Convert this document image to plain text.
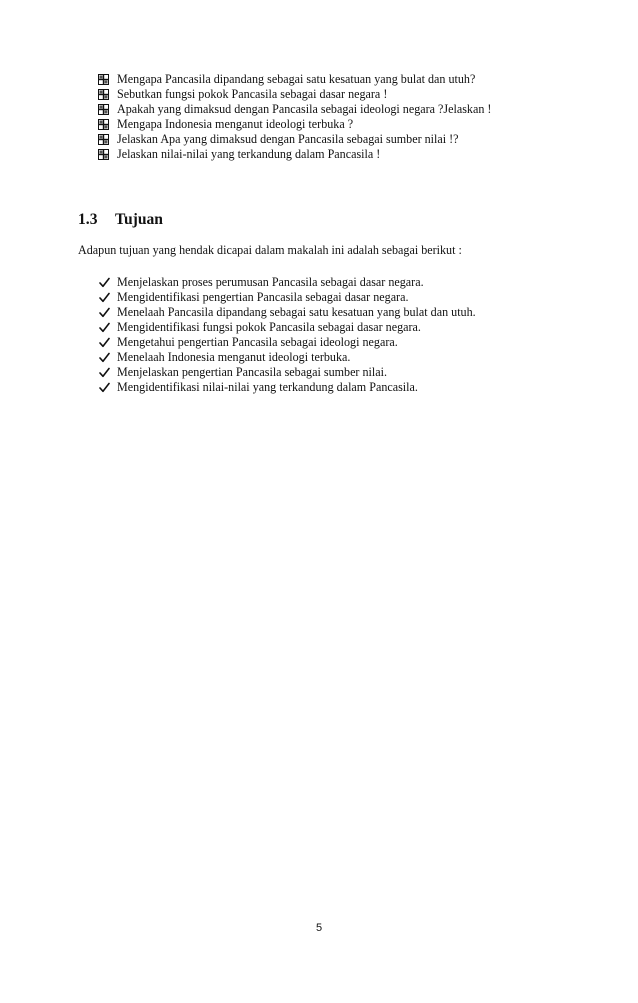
Mengapa Pancasila dipandang sebagai satu kesatuan yang bulat dan utuh?
Sebutkan fungsi pokok Pancasila sebagai dasar negara !
Apakah yang dimaksud dengan Pancasila sebagai ideologi negara ?Jelaskan !
Mengapa Indonesia menganut ideologi terbuka ?
Jelaskan Apa yang dimaksud dengan Pancasila sebagai sumber nilai !?
Jelaskan nilai-nilai yang terkandung dalam Pancasila !
1.3 Tujuan
Adapun tujuan yang hendak dicapai dalam makalah ini adalah sebagai berikut :
Menjelaskan proses perumusan Pancasila sebagai dasar negara.
Mengidentifikasi pengertian Pancasila sebagai dasar negara.
Menelaah Pancasila dipandang sebagai satu kesatuan yang bulat dan utuh.
Mengidentifikasi fungsi pokok Pancasila sebagai dasar negara.
Mengetahui pengertian Pancasila sebagai ideologi negara.
Menelaah Indonesia menganut ideologi terbuka.
Menjelaskan pengertian Pancasila sebagai sumber nilai.
Mengidentifikasi nilai-nilai yang terkandung dalam Pancasila.
5
